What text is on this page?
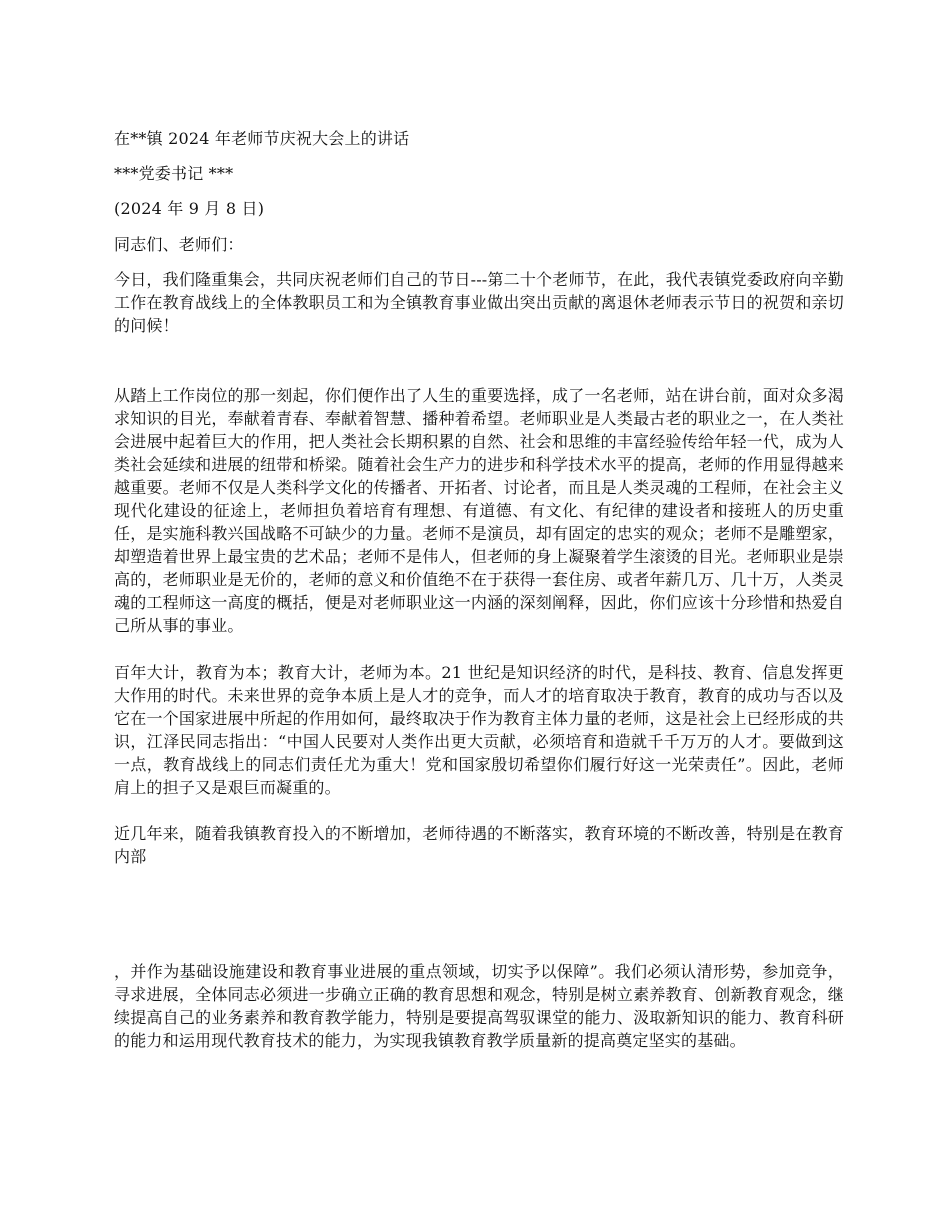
在**镇 2024 年老师节庆祝大会上的讲话

***党委书记 ***

(2024 年 9 月 8 日)

同志们、老师们：

今日，我们隆重集会，共同庆祝老师们自己的节日---第二十个老师节，在此，我代表镇党委政府向辛勤工作在教育战线上的全体教职员工和为全镇教育事业做出突出贡献的离退休老师表示节日的祝贺和亲切的问候！

从踏上工作岗位的那一刻起，你们便作出了人生的重要选择，成了一名老师，站在讲台前，面对众多渴求知识的目光，奉献着青春、奉献着智慧、播种着希望。老师职业是人类最古老的职业之一，在人类社会进展中起着巨大的作用，把人类社会长期积累的自然、社会和思维的丰富经验传给年轻一代，成为人类社会延续和进展的纽带和桥梁。随着社会生产力的进步和科学技术水平的提高，老师的作用显得越来越重要。老师不仅是人类科学文化的传播者、开拓者、讨论者，而且是人类灵魂的工程师，在社会主义现代化建设的征途上，老师担负着培育有理想、有道德、有文化、有纪律的建设者和接班人的历史重任，是实施科教兴国战略不可缺少的力量。老师不是演员，却有固定的忠实的观众；老师不是雕塑家，却塑造着世界上最宝贵的艺术品；老师不是伟人，但老师的身上凝聚着学生滚烫的目光。老师职业是崇高的，老师职业是无价的，老师的意义和价值绝不在于获得一套住房、或者年薪几万、几十万，人类灵魂的工程师这一高度的概括，便是对老师职业这一内涵的深刻阐释，因此，你们应该十分珍惜和热爱自己所从事的事业。

百年大计，教育为本；教育大计，老师为本。21 世纪是知识经济的时代，是科技、教育、信息发挥更大作用的时代。未来世界的竞争本质上是人才的竞争，而人才的培育取决于教育，教育的成功与否以及它在一个国家进展中所起的作用如何，最终取决于作为教育主体力量的老师，这是社会上已经形成的共识，江泽民同志指出：“中国人民要对人类作出更大贡献，必须培育和造就千千万万的人才。要做到这一点，教育战线上的同志们责任尤为重大！党和国家殷切希望你们履行好这一光荣责任”。因此，老师肩上的担子又是艰巨而凝重的。

近几年来，随着我镇教育投入的不断增加，老师待遇的不断落实，教育环境的不断改善，特别是在教育内部

，并作为基础设施建设和教育事业进展的重点领域，切实予以保障”。我们必须认清形势，参加竞争，寻求进展，全体同志必须进一步确立正确的教育思想和观念，特别是树立素养教育、创新教育观念，继续提高自己的业务素养和教育教学能力，特别是要提高驾驭课堂的能力、汲取新知识的能力、教育科研的能力和运用现代教育技术的能力，为实现我镇教育教学质量新的提高奠定坚实的基础。
